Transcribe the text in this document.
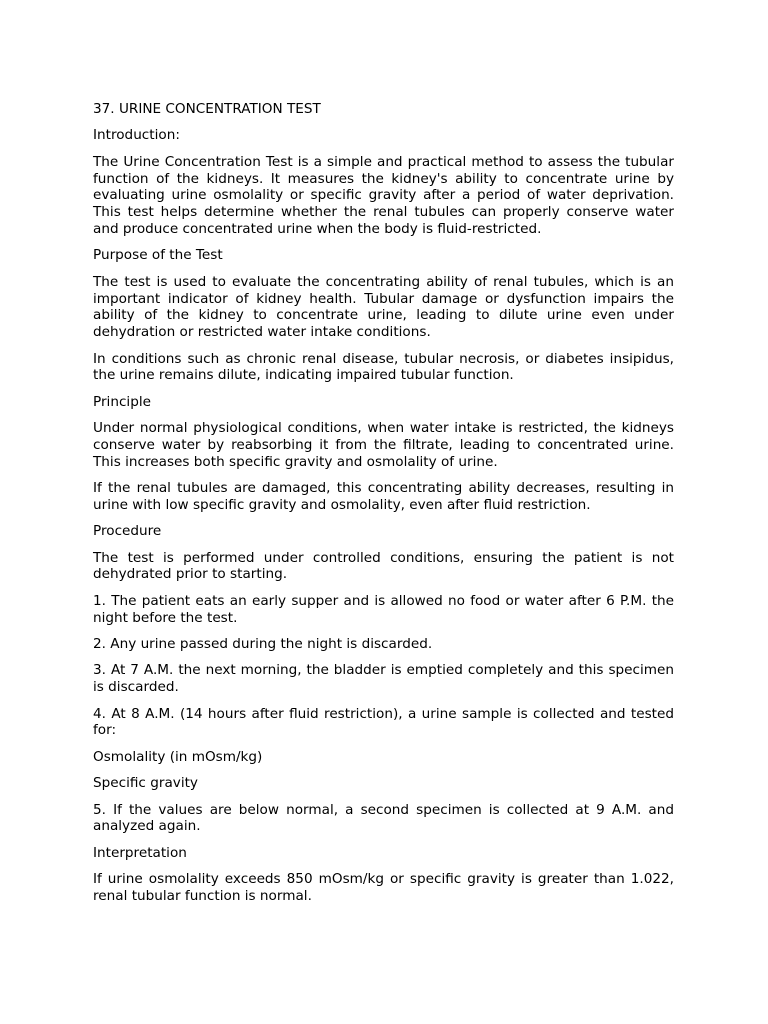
37. URINE CONCENTRATION TEST

Introduction:

The Urine Concentration Test is a simple and practical method to assess the tubular function of the kidneys. It measures the kidney's ability to concentrate urine by evaluating urine osmolality or specific gravity after a period of water deprivation. This test helps determine whether the renal tubules can properly conserve water and produce concentrated urine when the body is fluid-restricted.

Purpose of the Test

The test is used to evaluate the concentrating ability of renal tubules, which is an important indicator of kidney health. Tubular damage or dysfunction impairs the ability of the kidney to concentrate urine, leading to dilute urine even under dehydration or restricted water intake conditions.

In conditions such as chronic renal disease, tubular necrosis, or diabetes insipidus, the urine remains dilute, indicating impaired tubular function.

Principle

Under normal physiological conditions, when water intake is restricted, the kidneys conserve water by reabsorbing it from the filtrate, leading to concentrated urine. This increases both specific gravity and osmolality of urine.

If the renal tubules are damaged, this concentrating ability decreases, resulting in urine with low specific gravity and osmolality, even after fluid restriction.

Procedure

The test is performed under controlled conditions, ensuring the patient is not dehydrated prior to starting.

1. The patient eats an early supper and is allowed no food or water after 6 P.M. the night before the test.

2. Any urine passed during the night is discarded.

3. At 7 A.M. the next morning, the bladder is emptied completely and this specimen is discarded.

4. At 8 A.M. (14 hours after fluid restriction), a urine sample is collected and tested for:

Osmolality (in mOsm/kg)

Specific gravity

5. If the values are below normal, a second specimen is collected at 9 A.M. and analyzed again.

Interpretation

If urine osmolality exceeds 850 mOsm/kg or specific gravity is greater than 1.022, renal tubular function is normal.
